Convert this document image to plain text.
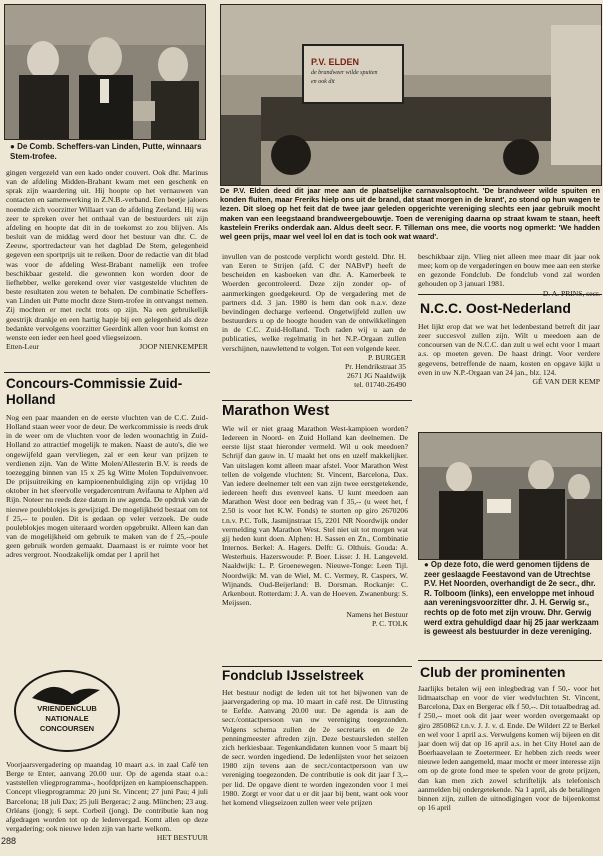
● De Comb. Scheffers-van Linden, Putte, winnaars Stem-trofee.

gingen vergezeld van een kado onder couvert. Ook dhr. Marinus van de afdeling Midden-Brabant kwam met een geschenk en sprak zijn waardering uit. Hij hoopte op het vernauwen van contacten en samenwerking in Z.N.B.-verband. Een beetje jaloers noemde zich voorzitter Willaart van de afdeling Zeeland. Hij was zeer te spreken over het onthaal van de bestuurders uit zijn afdeling en hoopte dat dit in de toekomst zo zou blijven. Als besluit van de middag werd door het bestuur van dhr. C. de Zeeuw, sportredacteur van het dagblad De Stem, gelegenheid gegeven een sportprijs uit te reiken. Door de redactie van dit blad was voor de afdeling West-Brabant namelijk een trofee beschikbaar gesteld. die gewonnen kon worden door de liefhebber, welke gerekend over vier vastgestelde vluchten de beste resultaten zou weten te behalen. De combinatie Scheffers-van Linden uit Putte mocht deze Stem-trofee in ontvangst nemen. Zij mochten er met recht trots op zijn. Na een gebruikelijk geestrijk drankje en een hartig hapje bij een gelegenheid als deze bedankte vervolgens voorzitter Geerdink allen voor hun komst en wenste een ieder een heel goed vliegseizoen.

Etten-Leur	JOOP NIENKEMPER
Concours-Commissie Zuid-Holland

Nog een paar maanden en de eerste vluchten van de C.C. Zuid-Holland staan weer voor de deur. De werkcommissie is reeds druk in de weer om de vluchten voor de leden woonachtig in Zuid-Holland zo attractief mogelijk te maken. Naast de auto's, die we ongewijfeld gaan vervliegen, zal er een keur van prijzen te verdienen zijn. Van de Witte Molen/Allesterin B.V. is reeds de toezegging binnen van 15 x 25 kg Witte Molen Topduivenvoer. De prijsuitreiking en kampioenenhuldiging zijn op vrijdag 10 oktober in het sfeervolle vergadercentrum Avifauna te Alphen a/d Rijn. Noteer nu reeds deze datum in uw agenda. De opdruk van de nieuwe pouleblokjes is gewijzigd. De mogelijkheid bestaat om tot f 25,-- te poulen. Dit is gedaan op veler verzoek. De oude pouleblokjes mogen uiteraard worden opgebruikt. Alleen kan dan van de mogelijkheid om gebruik te maken van de f 25,--poule geen gebruik worden gemaakt. Daarnaast is er ruimte voor het adres vergroot. Noodzakelijk omdat per 1 april het

VRIENDENCLUB
NATIONALE
CONCOURSEN

Voorjaarsvergadering op maandag 10 maart a.s. in zaal Café ten Berge te Enter, aanvang 20.00 uur. Op de agenda staat o.a.: vaststellen vliegprogramma-, hoofdprijzen en kampioenschappen. Concept vliegprogramma: 20 juni St. Vincent; 27 juni Pau; 4 juli Barcelona; 18 juli Dax; 25 juli Bergerac; 2 aug. München; 23 aug. Orléans (jong); 6 sept. Corbeil (jong). De contributie kan nog afgedragen worden tot op de ledenvergad. Komt allen op deze vergadering; ook nieuwe leden zijn van harte welkom.

HET BESTUUR
288
P.V. ELDEN
de brandweer wilde spuiten
en ook dit

De P.V. Elden deed dit jaar mee aan de plaatselijke carnavalsoptocht. 'De brandweer wilde spuiten en konden fluiten, maar Freriks hielp ons uit de brand, dat staat morgen in de krant', zo stond op hun wagen te lezen. Dit sloeg op het feit dat de twee jaar geleden opgerichte vereniging slechts een jaar gebruik mocht maken van een leegstaand brandweergebouwtje. Toen de vereniging daarna op straat kwam te staan, heeft kastelein Freriks onderdak aan. Aldus deelt secr. F. Tilleman ons mee, die voorts nog opmerkt: 'We hadden wel geen prijs, maar wel veel lol en dat is toch ook wat waard'.

invullen van de postcode verplicht wordt gesteld. Dhr. H. van Eeren te Strijen (afd. C der NABvP) heeft de bescheiden en kasboeken van dhr. A. Kamerbeek te Woerden gecontroleerd. Deze zijn zonder op- of aanmerkingen goedgekeurd. Op de vergadering met de partners d.d. 3 jan. 1980 is hem dan ook n.a.v. deze bevindingen decharge verleend. Ongetwijfeld zullen uw bestuurders u op de hoogte houden van de ontwikkelingen in de C.C. Zuid-Holland. Toch raden wij u aan de publicaties, welke regelmatig in het N.P.-Orgaan zullen verschijnen, nauwlettend te volgen. Tot een volgende keer.

P. BURGER
Pr. Hendrikstraat 35
2671 JG Naaldwijk
tel. 01740-26490
Marathon West

Wie wil er niet graag Marathon West-kampioen worden? Iedereen in Noord- en Zuid Holland kan deelnemen. De eerste lijst staat hieronder vermeld. Wil u ook meedoen? Schrijf dan gauw in. U maakt het ons en uzelf makkelijker. Van uitslagen komt alleen maar afstel. Voor Marathon West tellen de volgende vluchten: St. Vincent, Barcelona, Dax. Van iedere deelnemer telt een van zijn twee eerstgetekende, iedereen heeft dus evenveel kans. U kunt meedoen aan Marathon West door een bedrag van f 35,-- (u weet het, f 2.50 is voor het K.W. Fonds) te storten op giro 2670206 t.n.v. P.C. Tolk, Jasmijnstraat 15, 2201 NR Noordwijk onder vermelding van Marathon West. Stel niet uit tot morgen wat gij heden kunt doen. Alphen: H. Sassen en Zn., Combinatie Internos. Berkel: A. Hagers. Delft: G. Olthuis. Gouda: A. Westerhuis. Hazerswoude: P. Boer. Lisse: J. H. Langeveld. Naaldwijk: L. P. Groenewegen. Nieuwe-Tonge: Leen Tijl. Noordwijk: M. van de Wiel, M. C. Vermey, R. Caspers, W. Wijnands. Oud-Beijerland: B. Dorsman. Rockanje: C. Arkenbout. Rotterdam: J. A. van de Hoeven. Zwanenburg: S. Meijssen.

Namens het Bestuur
P. C. TOLK
Fondclub IJsselstreek

Het bestuur nodigt de leden uit tot het bijwonen van de jaarvergadering op ma. 10 maart in café rest. De Uitrusting te Eefde. Aanvang 20.00 uur. De agenda is aan de secr./contactpersoon van uw vereniging toegezonden. Volgens schema zullen de 2e secretaris en de 2e penningmeester aftreden zijn. Deze bestuursleden stellen zich herkiesbaar. Tegenkandidaten kunnen voor 5 maart bij de secr. worden ingediend. De ledenlijsten voor het seizoen 1980 zijn tevens aan de secr./contactpersoon van uw vereniging toegezonden. De contributie is ook dit jaar f 3,-- per lid. De opgave dient te worden ingezonden voor 1 mei 1980. Zorgt er voor dat u er dit jaar bij bent, want ook voor het komend vliegseizoen zullen weer vele prijzen

beschikbaar zijn. Vlieg niet alleen mee maar dit jaar ook mee; kom op de vergaderingen en bouw mee aan een sterke en gezonde Fondclub. De fondclub vond zal worden gehouden op 3 januari 1981.

N.C.C. Oost-Nederland

Het lijkt erop dat we wat het ledenbestand betreft dit jaar zeer succesvol zullen zijn. Wilt u meedoen aan de concoursen van de N.C.C. dan zult u wel echt voor 1 maart a.s. op moeten geven. De haast dringt. Voor verdere gegevens, betreffende de naam, kosten en opgave kijkt u even in uw N.P.-Orgaan van 24 jan., blz. 124.

GÉ VAN DER KEMP
● Op deze foto, die werd genomen tijdens de zeer geslaagde Feestavond van de Utrechtse P.V. Het Noorden, overhandigt de 2e secr., dhr. R. Tolboom (links), een enveloppe met inhoud aan vereningsvoorzitter dhr. J. H. Gerwig sr., rechts op de foto met zijn vrouw. Dhr. Gerwig werd extra gehuldigd daar hij 25 jaar werkzaam is geweest als bestuurder in deze vereniging.
Club der prominenten

Jaarlijks betalen wij een inlegbedrag van f 50,- voor het lidmaatschap en voor de vier wedvluchten St. Vincent, Barcelona, Dax en Bergerac elk f 50,--. Dit totaalbedrag ad. f 250,-- moet ook dit jaar weer worden overgemaakt op giro 2850862 t.n.v. J. J. v. d. Ende. De Wildert 22 te Berkel en wel voor 1 april a.s. Verwulgens komen wij bijeen en dit jaar doen wij dat op 16 april a.s. in het City Hotel aan de Boerhaavelaan te Zoetermeer. Er hebben zich reeds weer nieuwe leden aangemeld, maar mocht er meer interesse zijn om op de grote fond mee te spelen voor de grote prijzen, dan kan men zich zowel schriftelijk als telefonisch aanmelden bij ondergetekende. Na 1 april, als de betalingen binnen zijn, zullen de uitnodigingen voor de bijeenkomst op 16 april
